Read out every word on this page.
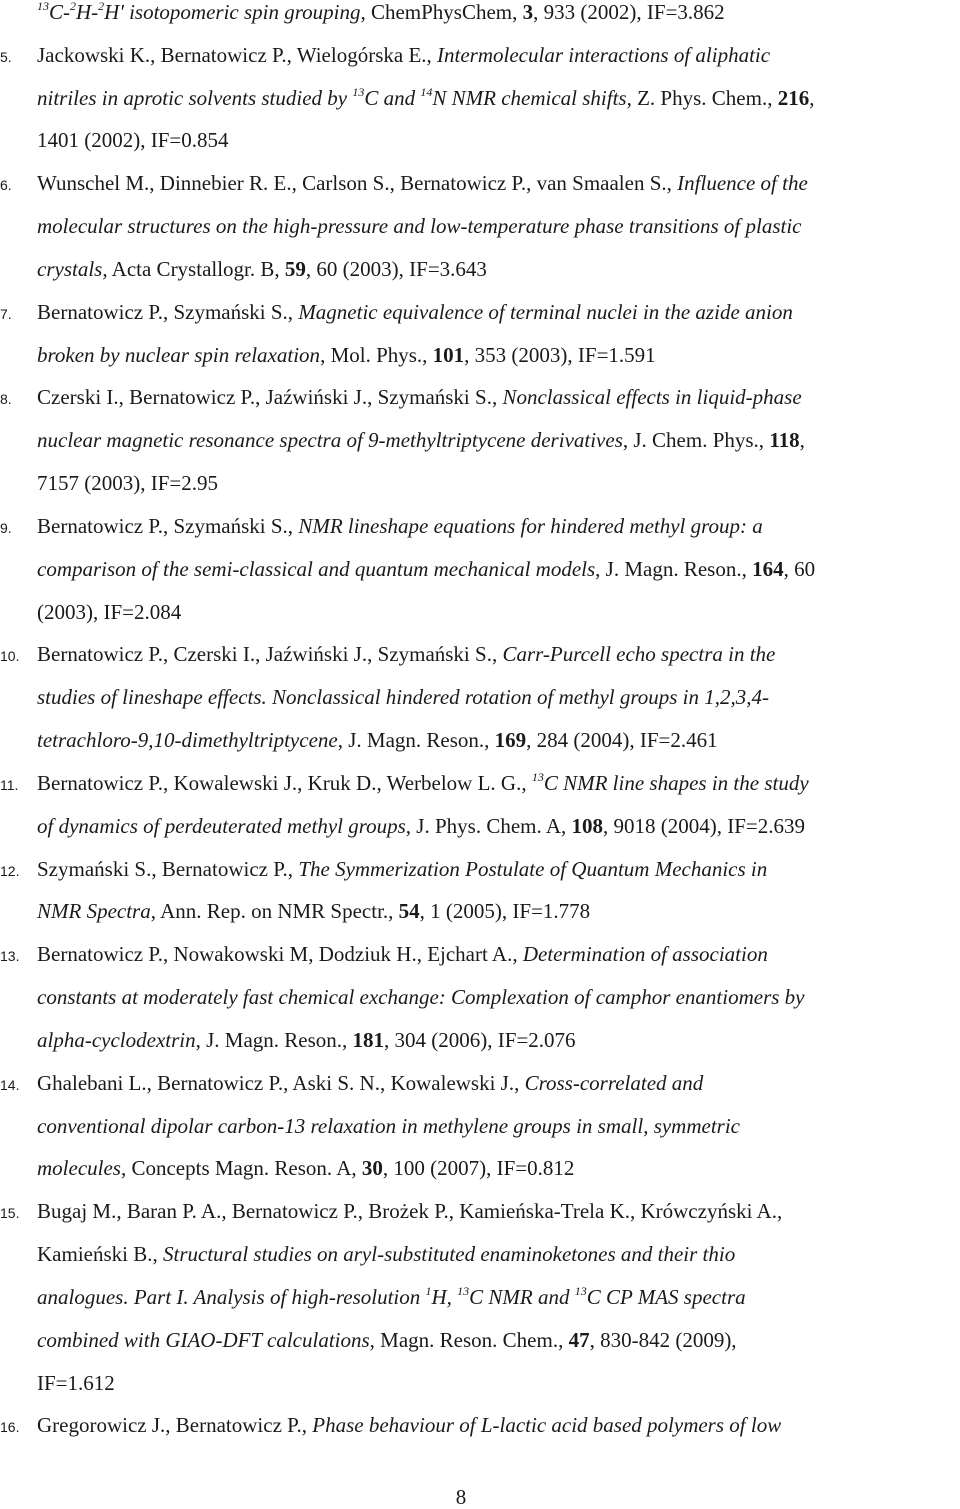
$^{13}$C-$^2$H-$^2$H' isotopomeric spin grouping, ChemPhysChem, 3, 933 (2002), IF=3.862
5.	Jackowski K., Bernatowicz P., Wielogórska E., Intermolecular interactions of aliphatic
nitriles in aprotic solvents studied by $^{13}$C and $^{14}$N NMR chemical shifts, Z. Phys. Chem., 216,
1401 (2002), IF=0.854
6.	Wunschel M., Dinnebier R. E., Carlson S., Bernatowicz P., van Smaalen S., Influence of the
molecular structures on the high-pressure and low-temperature phase transitions of plastic
crystals, Acta Crystallogr. B, 59, 60 (2003), IF=3.643
7.	Bernatowicz P., Szymański S., Magnetic equivalence of terminal nuclei in the azide anion
broken by nuclear spin relaxation, Mol. Phys., 101, 353 (2003), IF=1.591
8.	Czerski I., Bernatowicz P., Jaźwiński J., Szymański S., Nonclassical effects in liquid-phase
nuclear magnetic resonance spectra of 9-methyltriptycene derivatives, J. Chem. Phys., 118,
7157 (2003), IF=2.95
9.	Bernatowicz P., Szymański S., NMR lineshape equations for hindered methyl group: a
comparison of the semi-classical and quantum mechanical models, J. Magn. Reson., 164, 60
(2003), IF=2.084
10. Bernatowicz P., Czerski I., Jaźwiński J., Szymański S., Carr-Purcell echo spectra in the
studies of lineshape effects. Nonclassical hindered rotation of methyl groups in 1,2,3,4-
tetrachloro-9,10-dimethyltriptycene, J. Magn. Reson., 169, 284 (2004), IF=2.461
11. Bernatowicz P., Kowalewski J., Kruk D., Werbelow L. G., $^{13}$C NMR line shapes in the study
of dynamics of perdeuterated methyl groups, J. Phys. Chem. A, 108, 9018 (2004), IF=2.639
12. Szymański S., Bernatowicz P., The Symmerization Postulate of Quantum Mechanics in
NMR Spectra, Ann. Rep. on NMR Spectr., 54, 1 (2005), IF=1.778
13. Bernatowicz P., Nowakowski M, Dodziuk H., Ejchart A., Determination of association
constants at moderately fast chemical exchange: Complexation of camphor enantiomers by
alpha-cyclodextrin, J. Magn. Reson., 181, 304 (2006), IF=2.076
14. Ghalebani L., Bernatowicz P., Aski S. N., Kowalewski J., Cross-correlated and
conventional dipolar carbon-13 relaxation in methylene groups in small, symmetric
molecules, Concepts Magn. Reson. A, 30, 100 (2007), IF=0.812
15. Bugaj M., Baran P. A., Bernatowicz P., Brożek P., Kamieńska-Trela K., Krówczyński A.,
Kamieński B., Structural studies on aryl-substituted enaminoketones and their thio
analogues. Part I. Analysis of high-resolution $^1$H, $^{13}$C NMR and $^{13}$C CP MAS spectra
combined with GIAO-DFT calculations, Magn. Reson. Chem., 47, 830-842 (2009),
IF=1.612
16. Gregorowicz J., Bernatowicz P., Phase behaviour of L-lactic acid based polymers of low
8
